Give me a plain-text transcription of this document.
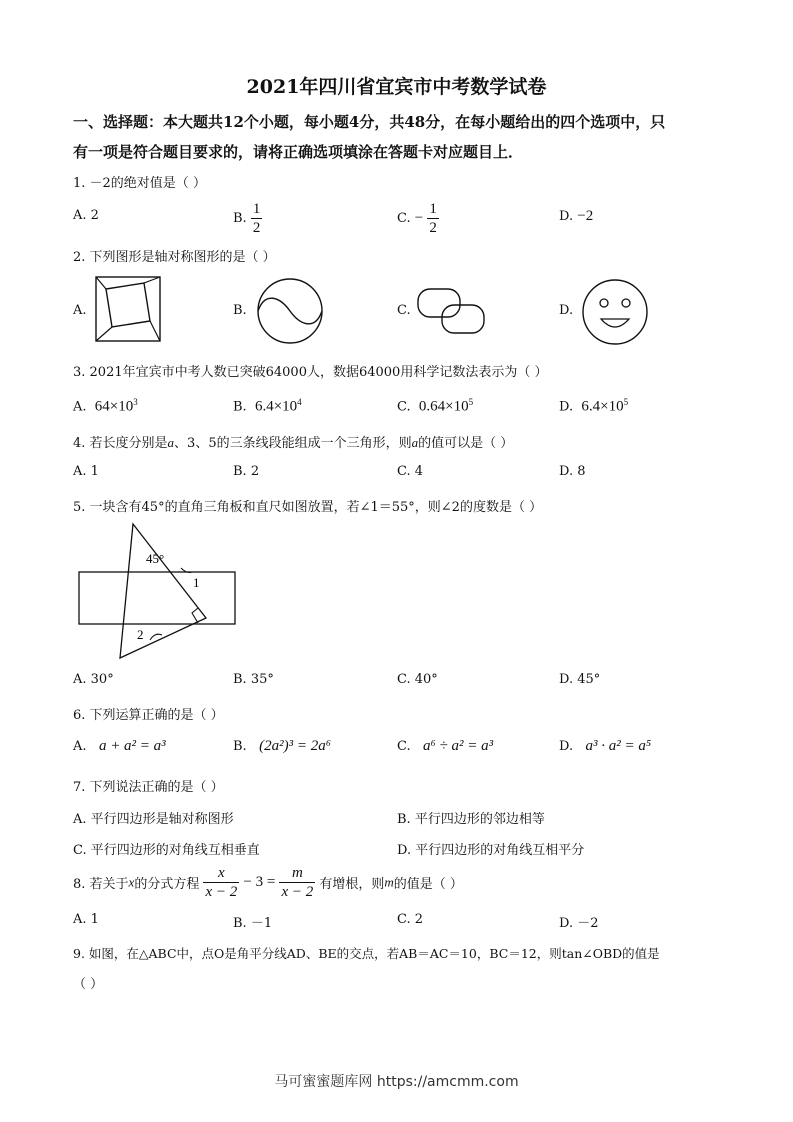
2021年四川省宜宾市中考数学试卷
一、选择题：本大题共12个小题，每小题4分，共48分，在每小题给出的四个选项中，只
有一项是符合题目要求的，请将正确选项填涂在答题卡对应题目上．
1. －2的绝对值是（ ）
A. 2	B. $\frac{1}{2}$	C. − $\frac{1}{2}$	D. −2
2. 下列图形是轴对称图形的是（ ）
A.	B.	C.	D.
3. 2021年宜宾市中考人数已突破64000人，数据64000用科学记数法表示为（ ）
A. $64\times 10^3$	B. $6.4\times 10^4$	C. $0.64\times 10^5$	D. $6.4\times 10^5$
4. 若长度分别是a、3、5的三条线段能组成一个三角形，则a的值可以是（ ）
A. 1	B. 2	C. 4	D. 8
5. 一块含有45°的直角三角板和直尺如图放置，若∠1＝55°，则∠2的度数是（ ）
45°
1
2
A. 30°	B. 35°	C. 40°	D. 45°
6. 下列运算正确的是（ ）
A. a + a² = a³	B. (2a²)³ = 2a⁶	C. a⁶ ÷ a² = a³	D. a³ · a² = a⁵
7. 下列说法正确的是（ ）
A. 平行四边形是轴对称图形	B. 平行四边形的邻边相等
C. 平行四边形的对角线互相垂直	D. 平行四边形的对角线互相平分
8. 若关于x的分式方程 $\frac{x}{x - 2} - 3 = \frac{m}{x - 2}$ 有增根，则m的值是（ ）
A. 1	B. －1	C. 2	D. －2
9. 如图，在△ABC中，点O是角平分线AD、BE的交点，若AB＝AC＝10，BC＝12，则tan∠OBD的值是
（ ）
马可蜜蜜题库网 https://amcmm.com
